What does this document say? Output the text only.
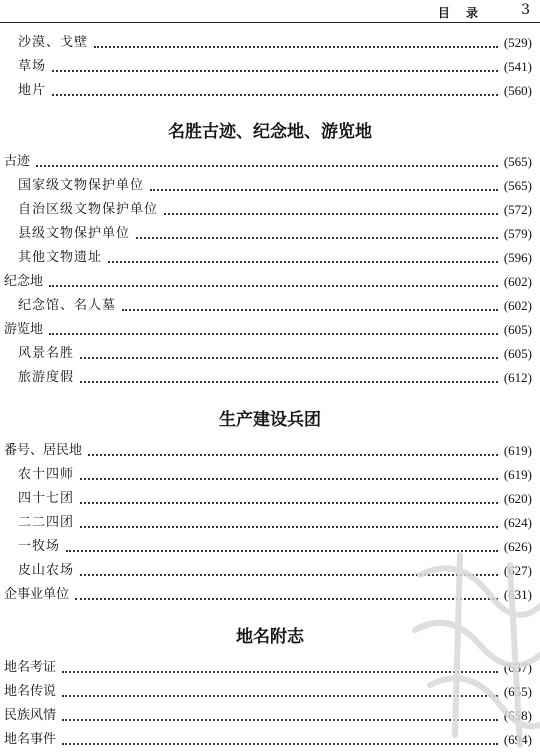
目 录	3
沙漠、戈壁	(529)
草场	(541)
地片	(560)
名胜古迹、纪念地、游览地
古迹	(565)
国家级文物保护单位	(565)
自治区级文物保护单位	(572)
县级文物保护单位	(579)
其他文物遗址	(596)
纪念地	(602)
纪念馆、名人墓	(602)
游览地	(605)
风景名胜	(605)
旅游度假	(612)
生产建设兵团
番号、居民地	(619)
农十四师	(619)
四十七团	(620)
二二四团	(624)
一牧场	(626)
皮山农场	(627)
企事业单位	(631)
地名附志
地名考证	(637)
地名传说	(655)
民族风情	(658)
地名事件	(694)
